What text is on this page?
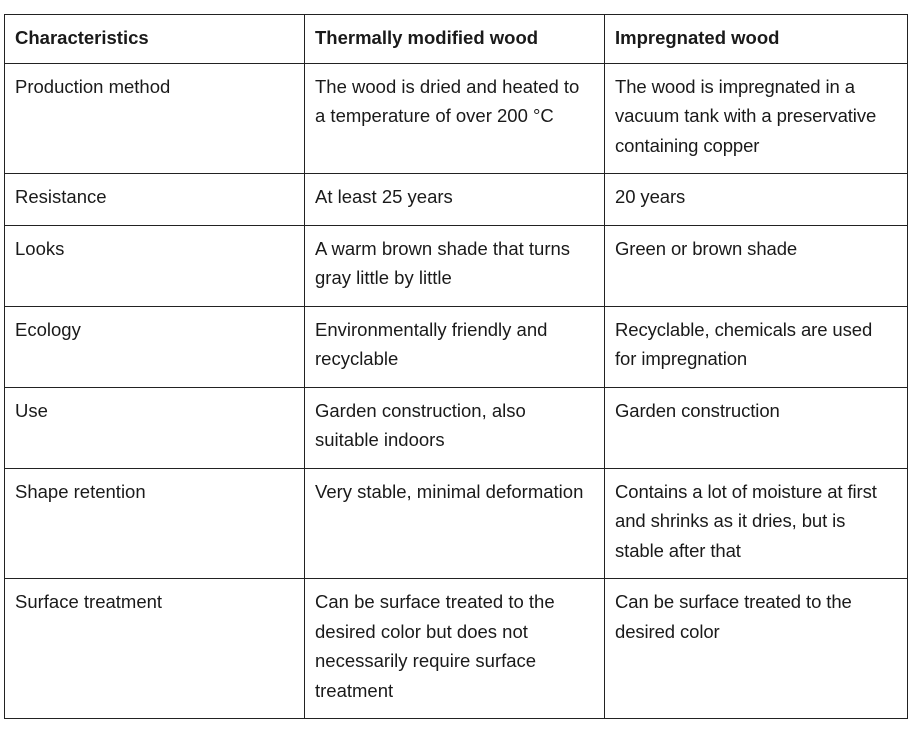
Characteristics	Thermally modified wood	Impregnated wood
Production method	The wood is dried and heated to a temperature of over 200 °C	The wood is impregnated in a vacuum tank with a preservative containing copper
Resistance	At least 25 years	20 years
Looks	A warm brown shade that turns gray little by little	Green or brown shade
Ecology	Environmentally friendly and recyclable	Recyclable, chemicals are used for impregnation
Use	Garden construction, also suitable indoors	Garden construction
Shape retention	Very stable, minimal deformation	Contains a lot of moisture at first and shrinks as it dries, but is stable after that
Surface treatment	Can be surface treated to the desired color but does not necessarily require surface treatment	Can be surface treated to the desired color
